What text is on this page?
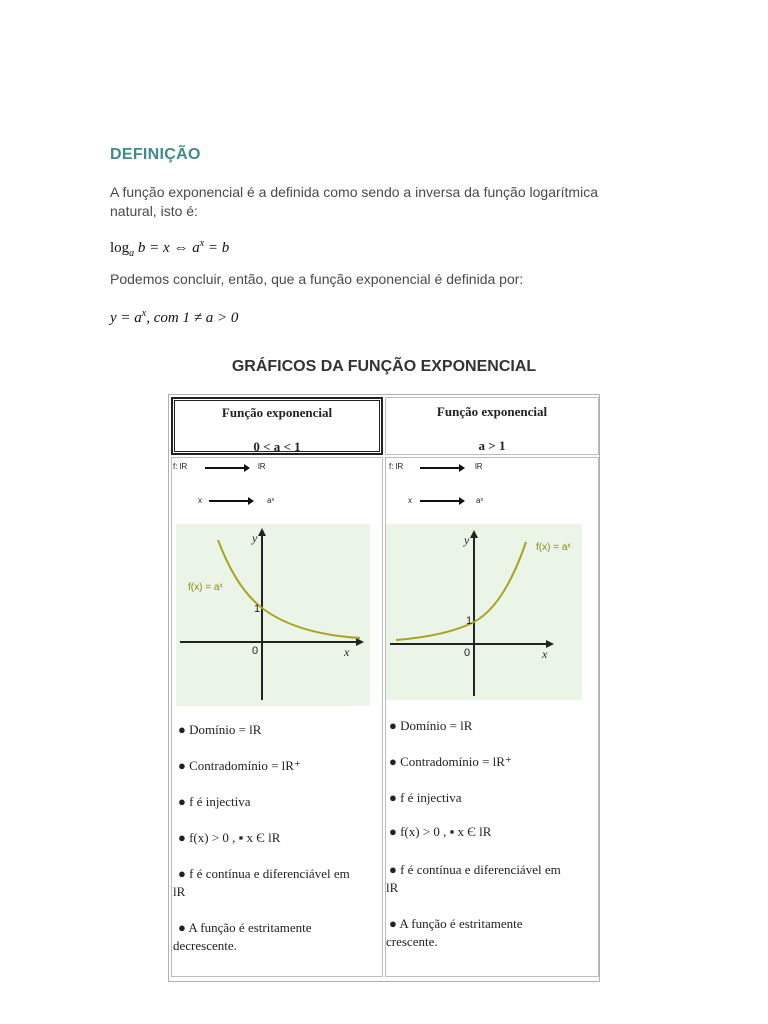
DEFINIÇÃO
A função exponencial é a definida como sendo a inversa da função logarítmica
natural, isto é:
$\log_a b = x$ ⇔ $a^x = b$
Podemos concluir, então, que a função exponencial é definida por:
$y = a^x$, com 1 ≠ a > 0
GRÁFICOS DA FUNÇÃO EXPONENCIAL
Função exponencial
0 < a < 1
Função exponencial
a > 1
f: lR	lR
x	aˣ
y
x
0
1
f(x) = aˣ
● Domínio = lR
● Contradomínio = lR⁺
● f é injectiva
● f(x) > 0 , ▪ x Є lR
● f é contínua e diferenciável em
lR
● A função é estritamente
decrescente.
f: lR	lR
x	aˣ
y
x
0
1
f(x) = aˣ
● Domínio = lR
● Contradomínio = lR⁺
● f é injectiva
● f(x) > 0 , ▪ x Є lR
● f é contínua e diferenciável em
lR
● A função é estritamente
crescente.
